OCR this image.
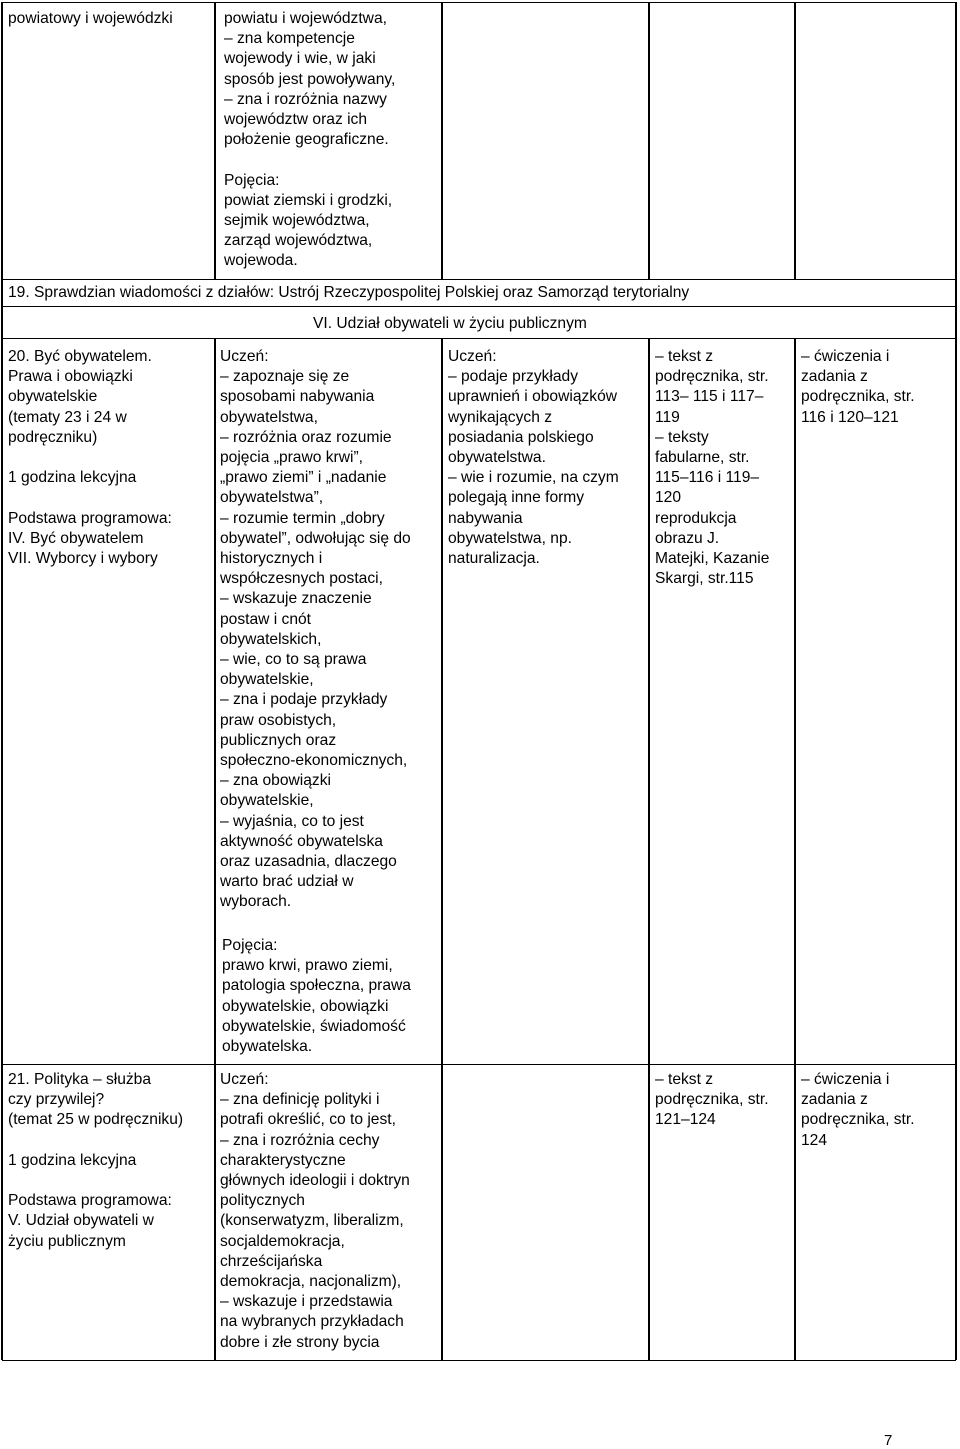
powiatowy i wojewódzki	powiatu i województwa,
– zna kompetencje
wojewody i wie, w jaki
sposób jest powoływany,
– zna i rozróżnia nazwy
województw oraz ich
położenie geograficzne.

Pojęcia:
powiat ziemski i grodzki,
sejmik województwa,
zarząd województwa,
wojewoda.
19. Sprawdzian wiadomości z działów: Ustrój Rzeczypospolitej Polskiej oraz Samorząd terytorialny
VI. Udział obywateli w życiu publicznym
20. Być obywatelem.
Prawa i obowiązki
obywatelskie
(tematy 23 i 24 w
podręczniku)

1 godzina lekcyjna

Podstawa programowa:
IV. Być obywatelem
VII. Wyborcy i wybory
Uczeń:
– zapoznaje się ze
sposobami nabywania
obywatelstwa,
– rozróżnia oraz rozumie
pojęcia „prawo krwi”,
„prawo ziemi” i „nadanie
obywatelstwa”,
– rozumie termin „dobry
obywatel”, odwołując się do
historycznych i
współczesnych postaci,
– wskazuje znaczenie
postaw i cnót
obywatelskich,
– wie, co to są prawa
obywatelskie,
– zna i podaje przykłady
praw osobistych,
publicznych oraz
społeczno-ekonomicznych,
– zna obowiązki
obywatelskie,
– wyjaśnia, co to jest
aktywność obywatelska
oraz uzasadnia, dlaczego
warto brać udział w
wyborach.
Pojęcia:
prawo krwi, prawo ziemi,
patologia społeczna, prawa
obywatelskie, obowiązki
obywatelskie, świadomość
obywatelska.
Uczeń:
– podaje przykłady
uprawnień i obowiązków
wynikających z
posiadania polskiego
obywatelstwa.
– wie i rozumie, na czym
polegają inne formy
nabywania
obywatelstwa, np.
naturalizacja.
– tekst z
podręcznika, str.
113– 115 i 117–
119
– teksty
fabularne, str.
115–116 i 119–
120
reprodukcja
obrazu J.
Matejki, Kazanie
Skargi, str.115
– ćwiczenia i
zadania z
podręcznika, str.
116 i 120–121
21. Polityka – służba
czy przywilej?
(temat 25 w podręczniku)

1 godzina lekcyjna

Podstawa programowa:
V. Udział obywateli w
życiu publicznym
Uczeń:
– zna definicję polityki i
potrafi określić, co to jest,
– zna i rozróżnia cechy
charakterystyczne
głównych ideologii i doktryn
politycznych
(konserwatyzm, liberalizm,
socjaldemokracja,
chrześcijańska
demokracja, nacjonalizm),
– wskazuje i przedstawia
na wybranych przykładach
dobre i złe strony bycia
– tekst z
podręcznika, str.
121–124
– ćwiczenia i
zadania z
podręcznika, str.
124
7
